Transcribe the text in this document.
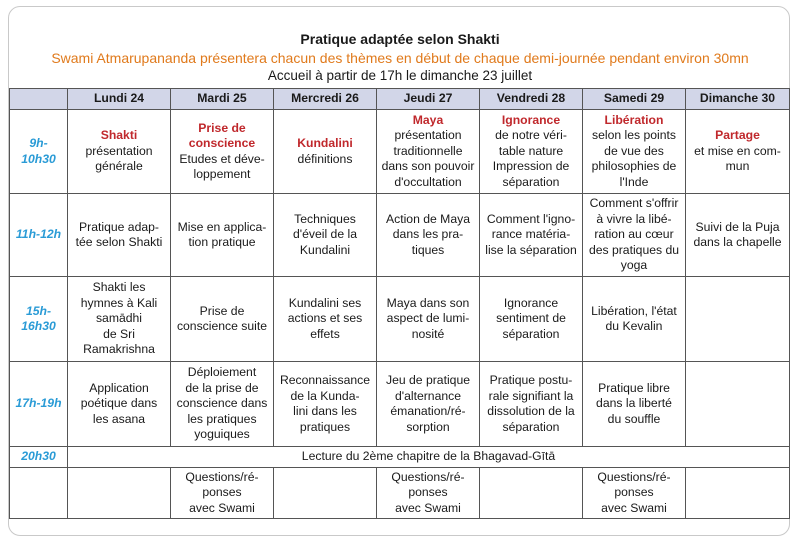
Pratique adaptée selon Shakti
Swami Atmarupananda présentera chacun des thèmes en début de chaque demi-journée pendant environ 30mn
Accueil à partir de 17h le dimanche 23 juillet
	Lundi 24	Mardi 25	Mercredi 26	Jeudi 27	Vendredi 28	Samedi 29	Dimanche 30
9h-
10h30	Shakti
présentation
générale	Prise de
conscience
Etudes et déve-
loppement	Kundalini
définitions	Maya
présentation
traditionnelle
dans son pouvoir
d'occultation	Ignorance
de notre véri-
table nature
Impression de
séparation	Libération
selon les points
de vue des
philosophies de
l'Inde	Partage
et mise en com-
mun

11h-12h	Pratique adap-
tée selon Shakti	Mise en applica-
tion pratique	Techniques
d'éveil de la
Kundalini	Action de Maya
dans les pra-
tiques	Comment l'igno-
rance matéria-
lise la séparation	Comment s'offrir
à vivre la libé-
ration au cœur
des pratiques du
yoga	Suivi de la Puja
dans la chapelle

15h-
16h30	Shakti les
hymnes à Kali
samādhi
de Sri
Ramakrishna	Prise de
conscience suite	Kundalini ses
actions et ses
effets	Maya dans son
aspect de lumi-
nosité	Ignorance
sentiment de
séparation	Libération, l'état
du Kevalin	

17h-19h	Application
poétique dans
les asana	Déploiement
de la prise de
conscience dans
les pratiques
yoguiques	Reconnaissance
de la Kunda-
lini dans les
pratiques	Jeu de pratique
d'alternance
émanation/ré-
sorption	Pratique postu-
rale signifiant la
dissolution de la
séparation	Pratique libre
dans la liberté
du souffle	

20h30	Lecture du 2ème chapitre de la Bhagavad-Gītā						

		Questions/ré-
ponses
avec Swami		Questions/ré-
ponses
avec Swami		Questions/ré-
ponses
avec Swami	
